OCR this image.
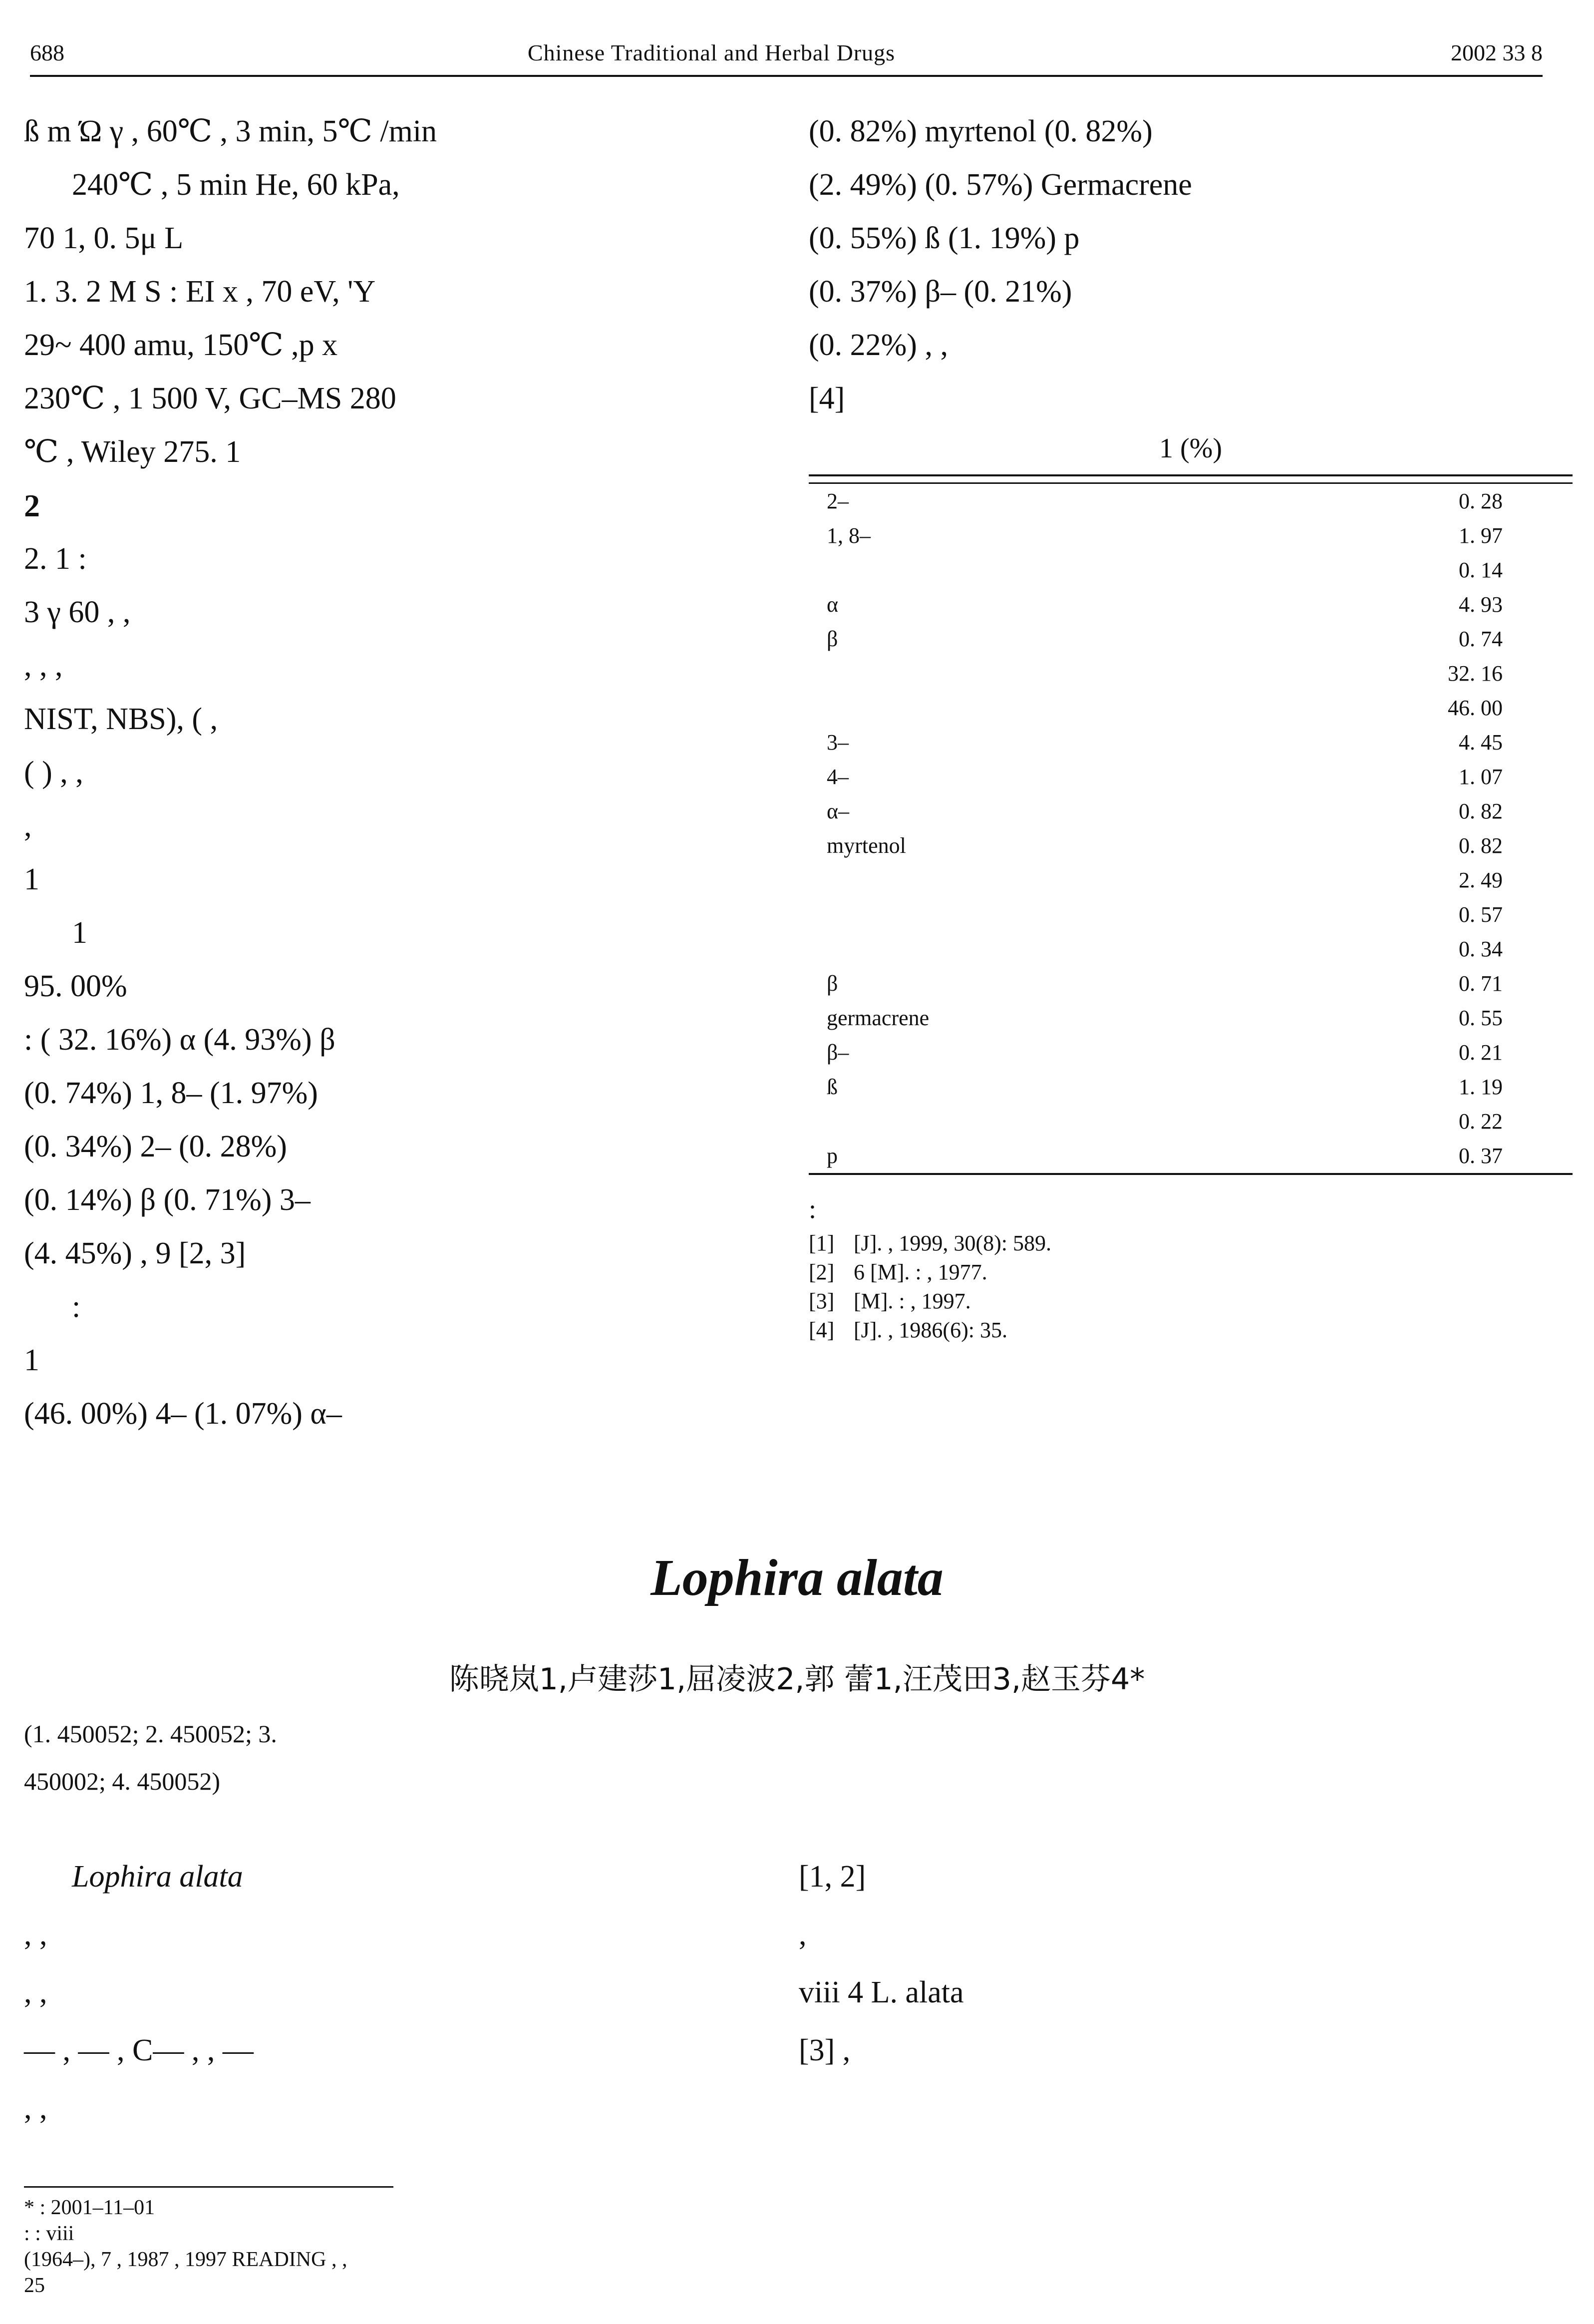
688	Chinese Traditional and Herbal Drugs	2002 33 8

ß m Ώ γ , 60℃ , 3 min, 5℃ /min

240℃ , 5 min He, 60 kPa,

70 1, 0. 5μ L

1. 3. 2 M S : EI x , 70 eV, 'Y

29~ 400 amu, 150℃ ,p x

230℃ , 1 500 V, GC–MS 280

℃ , Wiley 275. 1

2

2. 1 :

3 γ 60 , ,

, , ,

NIST, NBS), ( ,

( ) , ,

,

1

1

95. 00%

: ( 32. 16%) α (4. 93%) β

(0. 74%) 1, 8– (1. 97%)

(0. 34%) 2– (0. 28%)

(0. 14%) β (0. 71%) 3–

(4. 45%) , 9 [2, 3]

:

1

(46. 00%) 4– (1. 07%) α–

(0. 82%) myrtenol (0. 82%)

(2. 49%) (0. 57%) Germacrene

(0. 55%) ß (1. 19%) p

(0. 37%) β– (0. 21%)

(0. 22%) , ,

[4]

1 (%)

2–	0. 28
1, 8–	1. 97
	0. 14
α	4. 93
β	0. 74
	32. 16
	46. 00
3–	4. 45
4–	1. 07
α–	0. 82
myrtenol	0. 82
	2. 49
	0. 57
	0. 34
β	0. 71
germacrene	0. 55
β–	0. 21
ß	1. 19
	0. 22
p	0. 37
:
[1] [J]. , 1999, 30(8): 589.
[2] 6 [M]. : , 1977.
[3] [M]. : , 1997.
[4] [J]. , 1986(6): 35.
Lophira alata
陈晓岚1,卢建莎1,屈凌波2,郭 蕾1,汪茂田3,赵玉芬4*
(1. 450052; 2. 450052; 3.
450002; 4. 450052)

Lophira alata

, ,

, ,

— , — , C— , , —

, ,

[1, 2]

,

viii 4 L. alata

[3] ,

* : 2001–11–01
: : viii
(1964–), 7 , 1987 , 1997 READING , ,
25
